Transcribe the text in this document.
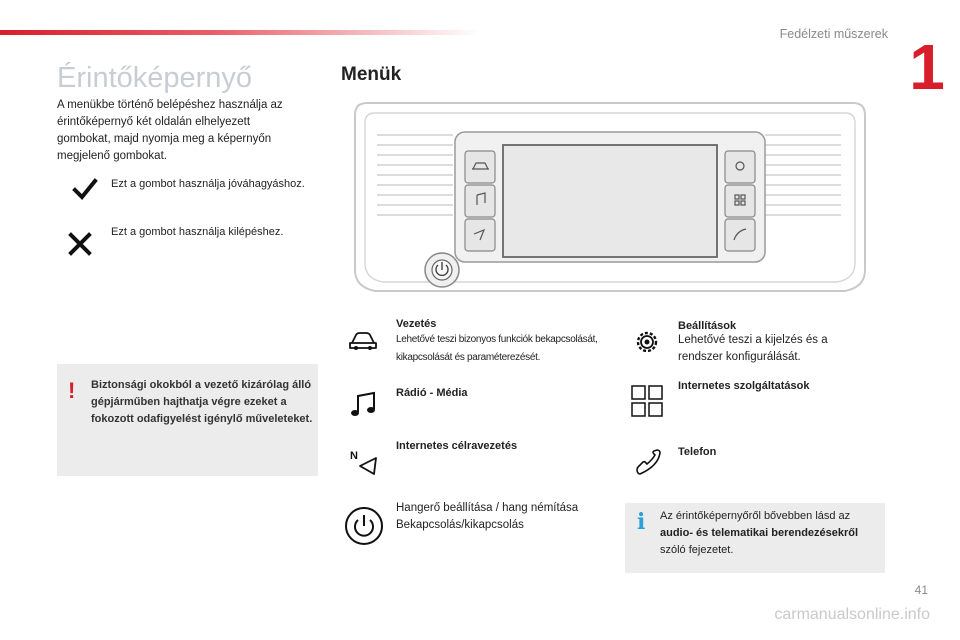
Fedélzeti műszerek 1
Érintőképernyő
A menükbe történő belépéshez használja az érintőképernyő két oldalán elhelyezett gombokat, majd nyomja meg a képernyőn megjelenő gombokat.
Ezt a gombot használja jóváhagyáshoz.
Ezt a gombot használja kilépéshez.
! Biztonsági okokból a vezető kizárólag álló gépjárműben hajthatja végre ezeket a fokozott odafigyelést igénylő műveleteket.
Menük
Vezetés
Lehetővé teszi bizonyos funkciók bekapcsolását, kikapcsolását és paraméterezését.
Rádió - Média
N
Internetes célravezetés
Hangerő beállítása / hang némítása
Bekapcsolás/kikapcsolás
Beállítások
Lehetővé teszi a kijelzés és a rendszer konfigurálását.
Internetes szolgáltatások
Telefon
i Az érintőképernyőről bővebben lásd az audio- és telematikai berendezésekről szóló fejezetet.
41
carmanualsonline.info
